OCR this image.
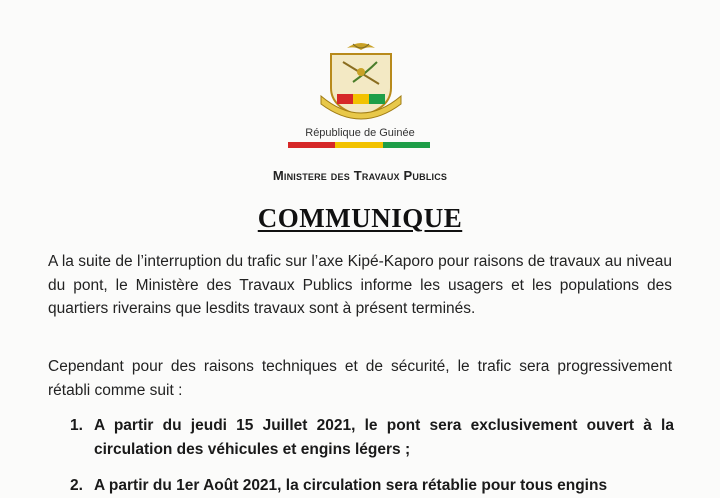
République de Guinée
Ministere des Travaux Publics
COMMUNIQUE
A la suite de l’interruption du trafic sur l’axe Kipé-Kaporo pour raisons de travaux au niveau du pont, le Ministère des Travaux Publics informe les usagers et les populations des quartiers riverains que lesdits travaux sont à présent terminés.
Cependant pour des raisons techniques et de sécurité, le trafic sera progressivement rétabli comme suit :
1. A partir du jeudi 15 Juillet 2021, le pont sera exclusivement ouvert à la circulation des véhicules et engins légers ;
2. A partir du 1er Août 2021, la circulation sera rétablie pour tous engins
